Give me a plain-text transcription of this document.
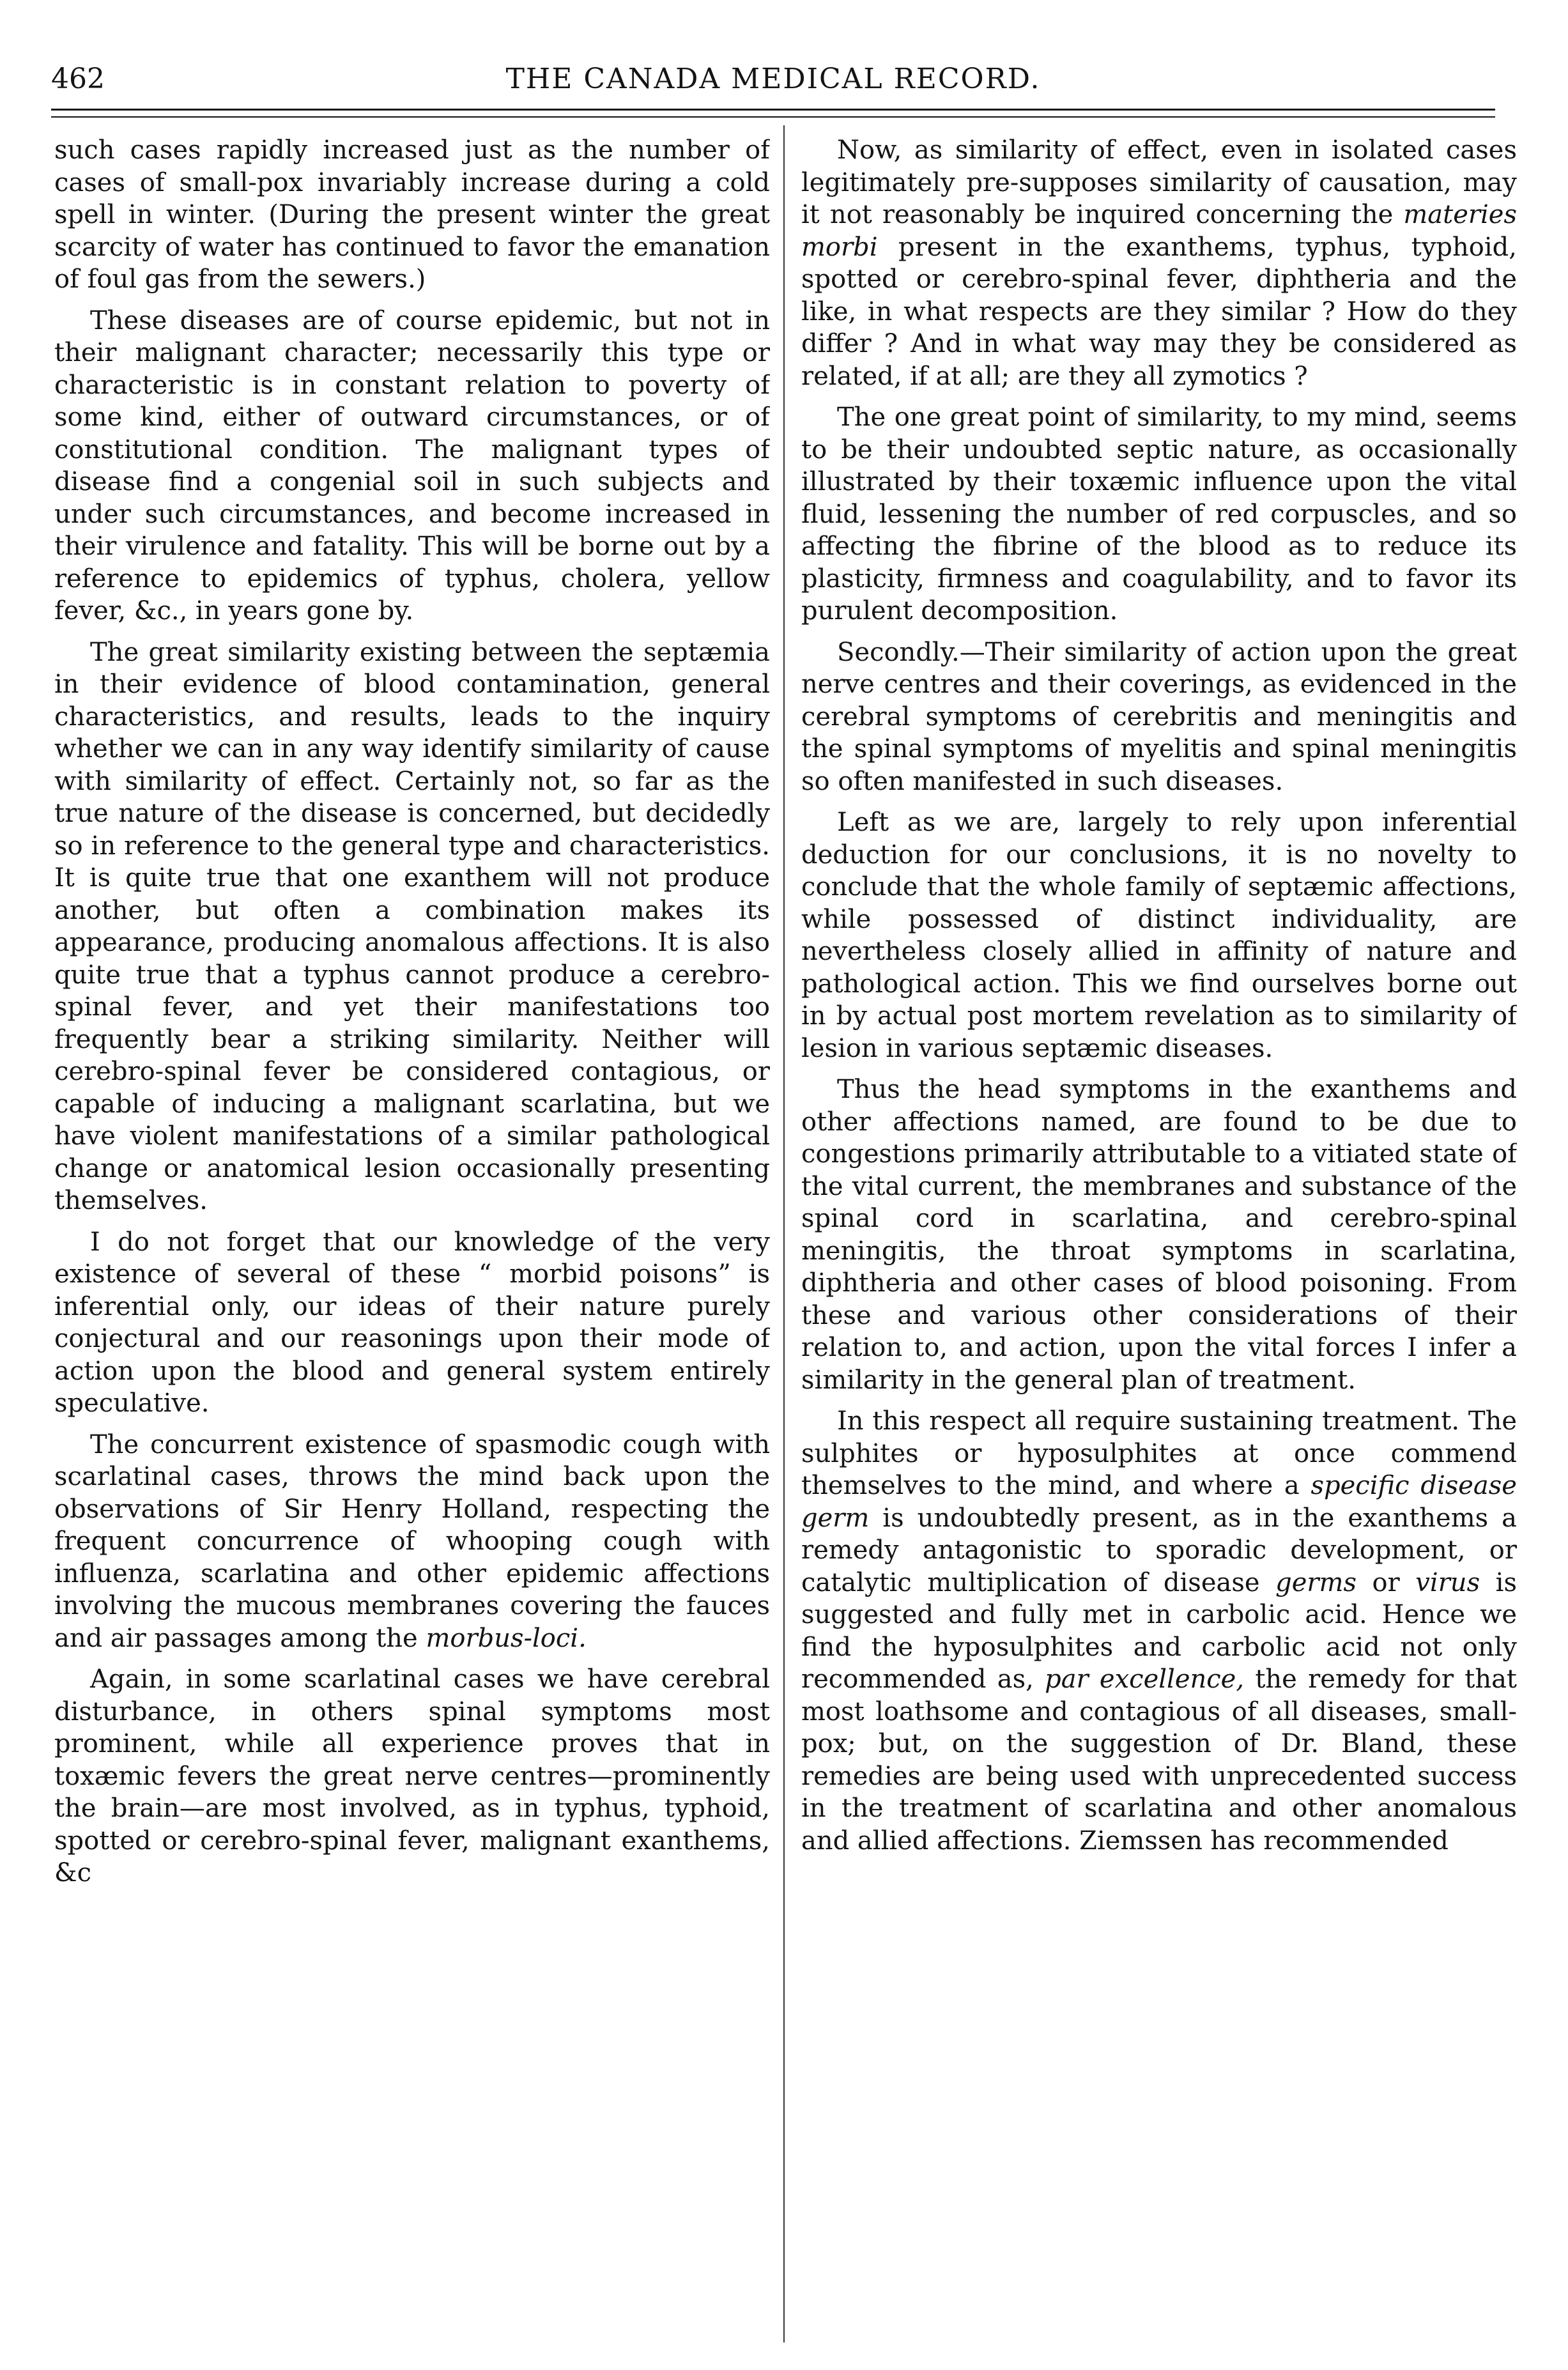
462	THE CANADA MEDICAL RECORD.

such cases rapidly increased just as the number of cases of small-pox invariably increase during a cold spell in winter. (During the present winter the great scarcity of water has continued to favor the emanation of foul gas from the sewers.)

These diseases are of course epidemic, but not in their malignant character; necessarily this type or characteristic is in constant relation to poverty of some kind, either of outward circumstances, or of constitutional condition. The malignant types of disease find a congenial soil in such subjects and under such circumstances, and become increased in their virulence and fatality. This will be borne out by a reference to epidemics of typhus, cholera, yellow fever, &c., in years gone by.

The great similarity existing between the septæmia in their evidence of blood contamination, general characteristics, and results, leads to the inquiry whether we can in any way identify similarity of cause with similarity of effect. Certainly not, so far as the true nature of the disease is concerned, but decidedly so in reference to the general type and characteristics. It is quite true that one exanthem will not produce another, but often a combination makes its appearance, producing anomalous affections. It is also quite true that a typhus cannot produce a cerebro-spinal fever, and yet their manifestations too frequently bear a striking similarity. Neither will cerebro-spinal fever be considered contagious, or capable of inducing a malignant scarlatina, but we have violent manifestations of a similar pathological change or anatomical lesion occasionally presenting themselves.

I do not forget that our knowledge of the very existence of several of these “ morbid poisons” is inferential only, our ideas of their nature purely conjectural and our reasonings upon their mode of action upon the blood and general system entirely speculative.

The concurrent existence of spasmodic cough with scarlatinal cases, throws the mind back upon the observations of Sir Henry Holland, respecting the frequent concurrence of whooping cough with influenza, scarlatina and other epidemic affections involving the mucous membranes covering the fauces and air passages among the morbus-loci.

Again, in some scarlatinal cases we have cerebral disturbance, in others spinal symptoms most prominent, while all experience proves that in toxæmic fevers the great nerve centres—prominently the brain—are most involved, as in typhus, typhoid, spotted or cerebro-spinal fever, malignant exanthems, &c

Now, as similarity of effect, even in isolated cases legitimately pre-supposes similarity of causation, may it not reasonably be inquired concerning the materies morbi present in the exanthems, typhus, typhoid, spotted or cerebro-spinal fever, diphtheria and the like, in what respects are they similar ? How do they differ ? And in what way may they be considered as related, if at all; are they all zymotics ?

The one great point of similarity, to my mind, seems to be their undoubted septic nature, as occasionally illustrated by their toxæmic influence upon the vital fluid, lessening the number of red corpuscles, and so affecting the fibrine of the blood as to reduce its plasticity, firmness and coagulability, and to favor its purulent decomposition.

Secondly.—Their similarity of action upon the great nerve centres and their coverings, as evidenced in the cerebral symptoms of cerebritis and meningitis and the spinal symptoms of myelitis and spinal meningitis so often manifested in such diseases.

Left as we are, largely to rely upon inferential deduction for our conclusions, it is no novelty to conclude that the whole family of septæmic affections, while possessed of distinct individuality, are nevertheless closely allied in affinity of nature and pathological action. This we find ourselves borne out in by actual post mortem revelation as to similarity of lesion in various septæmic diseases.

Thus the head symptoms in the exanthems and other affections named, are found to be due to congestions primarily attributable to a vitiated state of the vital current, the membranes and substance of the spinal cord in scarlatina, and cerebro-spinal meningitis, the throat symptoms in scarlatina, diphtheria and other cases of blood poisoning. From these and various other considerations of their relation to, and action, upon the vital forces I infer a similarity in the general plan of treatment.

In this respect all require sustaining treatment. The sulphites or hyposulphites at once commend themselves to the mind, and where a specific disease germ is undoubtedly present, as in the exanthems a remedy antagonistic to sporadic development, or catalytic multiplication of disease germs or virus is suggested and fully met in carbolic acid. Hence we find the hyposulphites and carbolic acid not only recommended as, par excellence, the remedy for that most loathsome and contagious of all diseases, small-pox; but, on the suggestion of Dr. Bland, these remedies are being used with unprecedented success in the treatment of scarlatina and other anomalous and allied affections. Ziemssen has recommended
